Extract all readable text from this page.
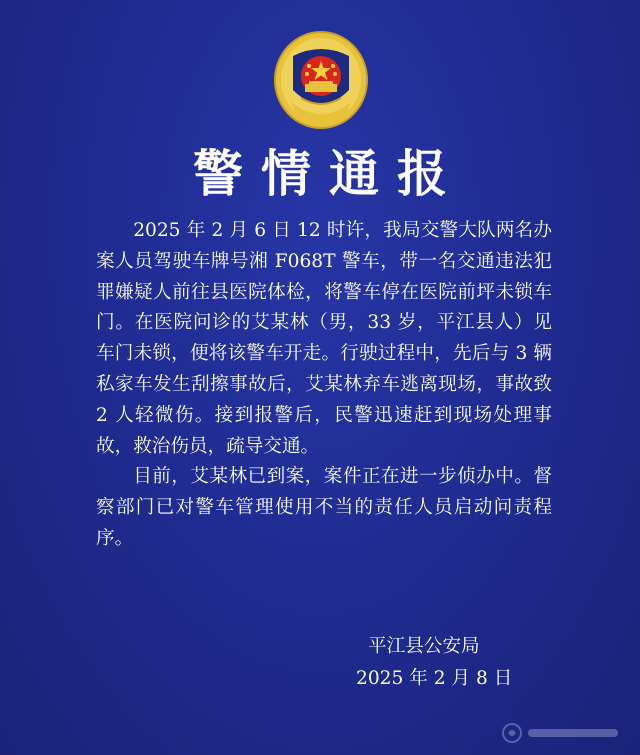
警情通报

2025 年 2 月 6 日 12 时许，我局交警大队两名办案人员驾驶车牌号湘 F068T 警车，带一名交通违法犯罪嫌疑人前往县医院体检，将警车停在医院前坪未锁车门。在医院问诊的艾某林（男，33 岁，平江县人）见车门未锁，便将该警车开走。行驶过程中，先后与 3 辆私家车发生刮擦事故后，艾某林弃车逃离现场，事故致 2 人轻微伤。接到报警后，民警迅速赶到现场处理事故，救治伤员，疏导交通。

目前，艾某林已到案，案件正在进一步侦办中。督察部门已对警车管理使用不当的责任人员启动问责程序。

平江县公安局
2025 年 2 月 8 日
